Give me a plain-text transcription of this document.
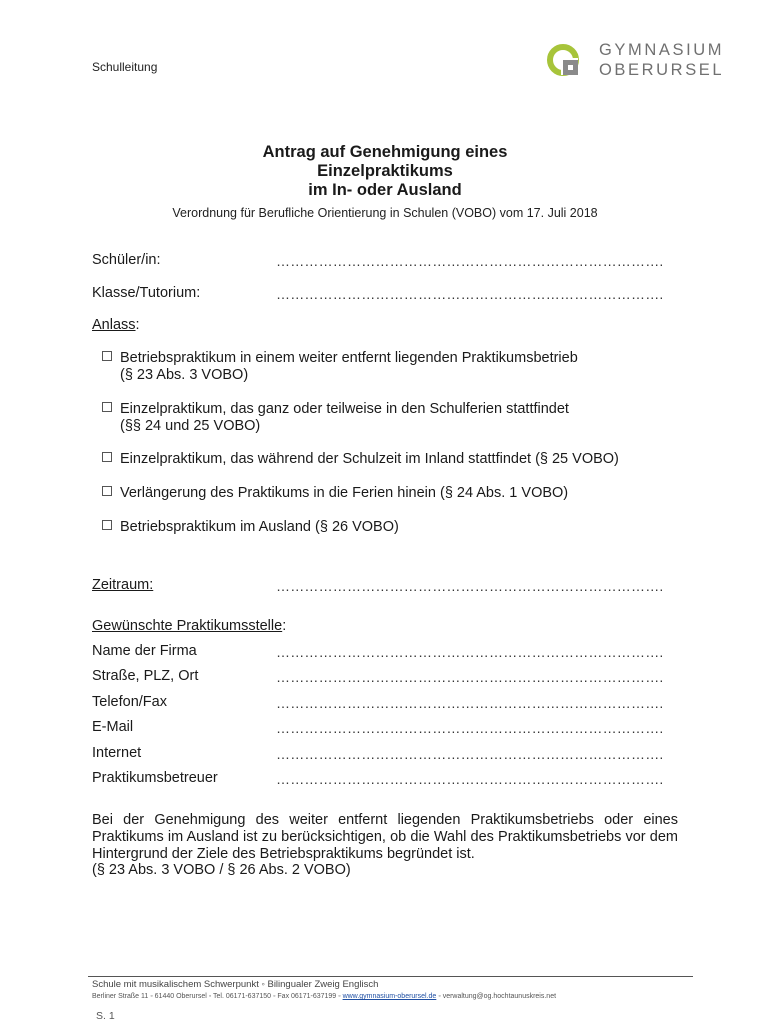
Schulleitung
GYMNASIUM
OBERURSEL
Antrag auf Genehmigung eines
Einzelpraktikums
im In- oder Ausland
Verordnung für Berufliche Orientierung in Schulen (VOBO) vom 17. Juli 2018
Schüler/in:	……………………………………………………………………….
Klasse/Tutorium:	……………………………………………………………………….
Anlass:
Betriebspraktikum in einem weiter entfernt liegenden Praktikumsbetrieb
(§ 23 Abs. 3 VOBO)
Einzelpraktikum, das ganz oder teilweise in den Schulferien stattfindet
(§§ 24 und 25 VOBO)
Einzelpraktikum, das während der Schulzeit im Inland stattfindet (§ 25 VOBO)
Verlängerung des Praktikums in die Ferien hinein (§ 24 Abs. 1 VOBO)
Betriebspraktikum im Ausland (§ 26 VOBO)
Zeitraum:	……………………………………………………………………….
Gewünschte Praktikumsstelle:
Name der Firma	……………………………………………………………………….
Straße, PLZ, Ort	……………………………………………………………………….
Telefon/Fax	……………………………………………………………………….
E-Mail	……………………………………………………………………….
Internet	……………………………………………………………………….
Praktikumsbetreuer	……………………………………………………………………….
Bei der Genehmigung des weiter entfernt liegenden Praktikumsbetriebs oder eines Praktikums im Ausland ist zu berücksichtigen, ob die Wahl des Praktikumsbetriebs vor dem Hintergrund der Ziele des Betriebspraktikums begründet ist.
(§ 23 Abs. 3 VOBO / § 26 Abs. 2 VOBO)
Schule mit musikalischem Schwerpunkt ◦ Bilingualer Zweig Englisch
Berliner Straße 11 ◦ 61440 Oberursel ◦ Tel. 06171-637150 ◦ Fax 06171-637199 ◦ www.gymnasium-oberursel.de ◦ verwaltung@og.hochtaunuskreis.net
S. 1
